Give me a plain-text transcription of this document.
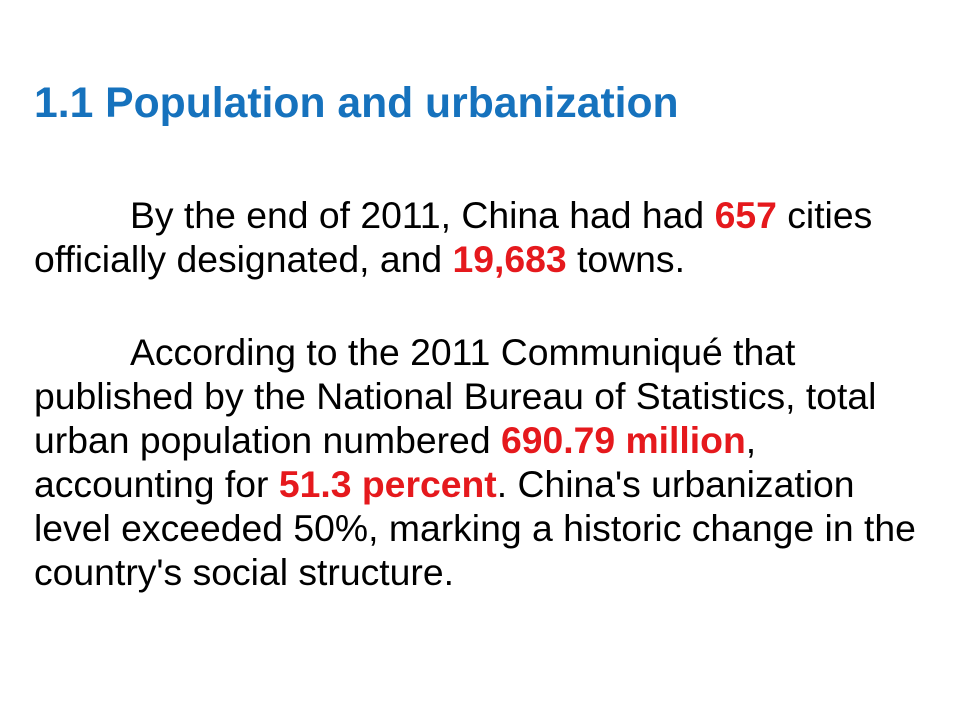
1.1 Population and urbanization

By the end of 2011, China had had 657 cities officially designated, and 19,683 towns.

According to the 2011 Communiqué that published by the National Bureau of Statistics, total urban population numbered 690.79 million, accounting for 51.3 percent. China's urbanization level exceeded 50%, marking a historic change in the country's social structure.
